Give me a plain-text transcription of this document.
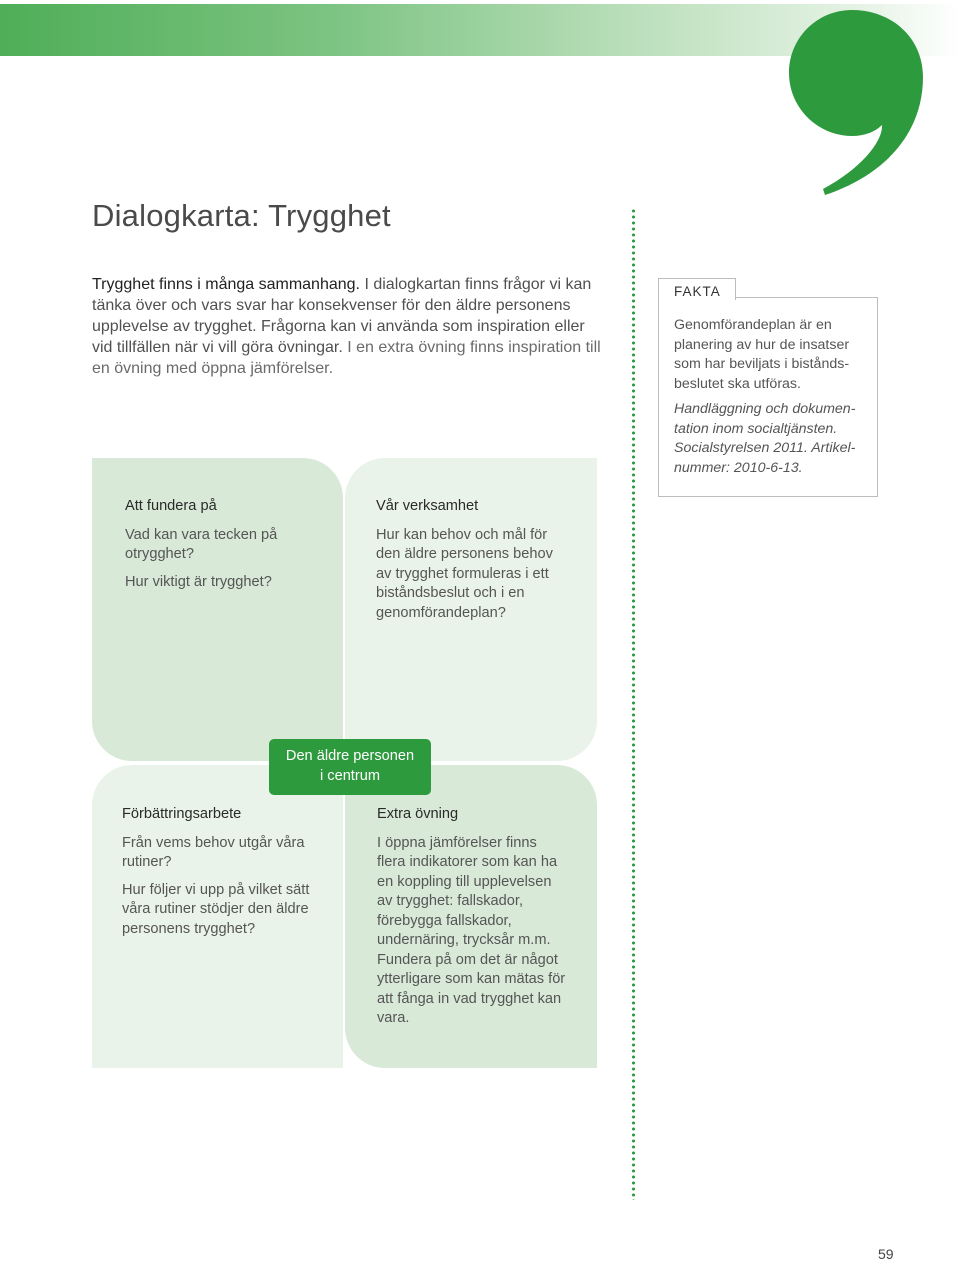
Dialogkarta: Trygghet
Trygghet finns i många sammanhang. I dialogkartan finns frågor vi kan tänka över och vars svar har konsekvenser för den äldre personens upplevelse av trygghet. Frågorna kan vi använda som inspiration eller vid tillfällen när vi vill göra övningar. I en extra övning finns inspiration till en övning med öppna jämförelser.
FAKTA

Genomförandeplan är en planering av hur de insatser som har beviljats i biståndsbeslutet ska utföras.

Handläggning och dokumentation inom socialtjänsten. Socialstyrelsen 2011. Artikelnummer: 2010-6-13.

Att fundera på

Vad kan vara tecken på otrygghet?

Hur viktigt är trygghet?

Vår verksamhet

Hur kan behov och mål för den äldre personens behov av trygghet formuleras i ett biståndsbeslut och i en genomförandeplan?

Förbättringsarbete

Från vems behov utgår våra rutiner?

Hur följer vi upp på vilket sätt våra rutiner stödjer den äldre personens trygghet?

Extra övning

I öppna jämförelser finns flera indikatorer som kan ha en koppling till upplevelsen av trygghet: fallskador, förebygga fallskador, undernäring, trycksår m.m. Fundera på om det är något ytterligare som kan mätas för att fånga in vad trygghet kan vara.

Den äldre personen
i centrum
59
